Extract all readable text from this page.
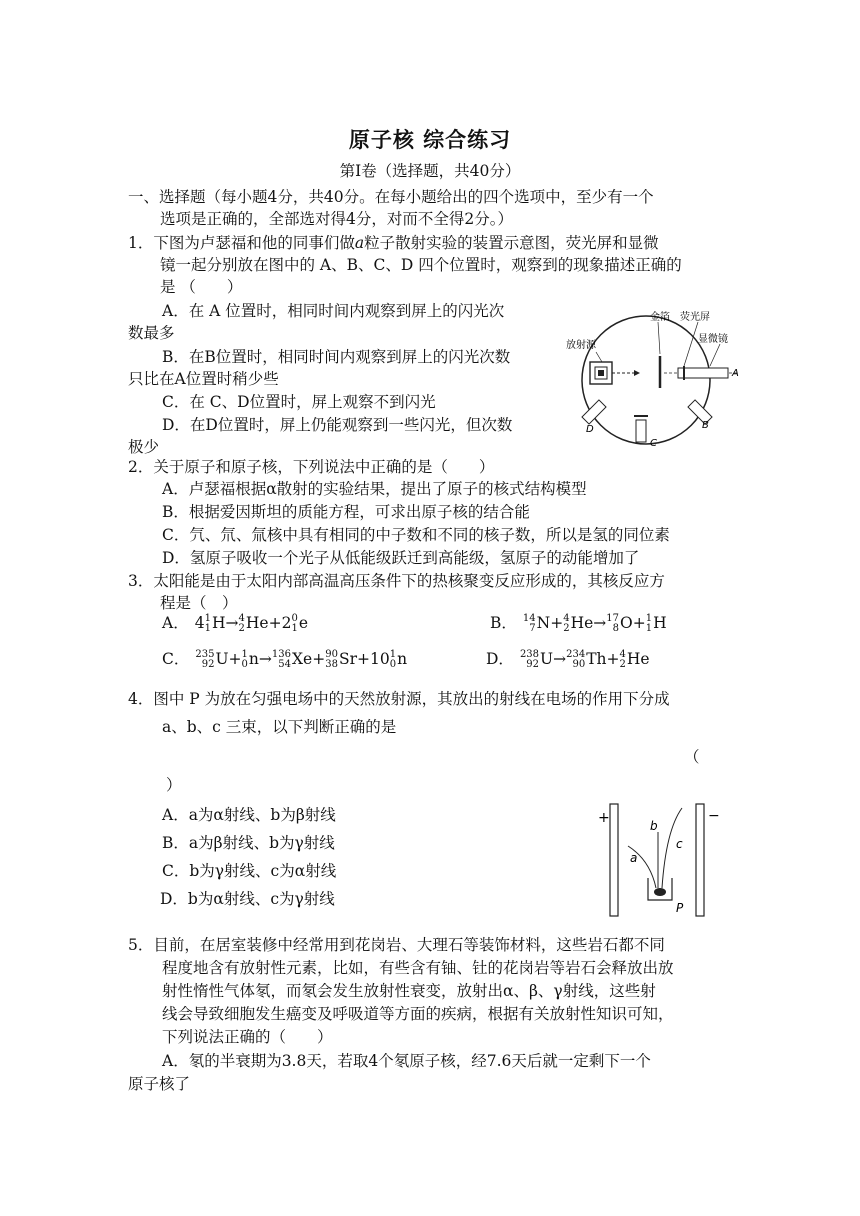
原子核 综合练习
第Ⅰ卷（选择题，共40分）
一、选择题（每小题4分，共40分。在每小题给出的四个选项中，至少有一个
选项是正确的，全部选对得4分，对而不全得2分。）
1．下图为卢瑟福和他的同事们做a粒子散射实验的装置示意图，荧光屏和显微
镜一起分别放在图中的 A、B、C、D 四个位置时，观察到的现象描述正确的
是 （　　）
A．在 A 位置时，相同时间内观察到屏上的闪光次
数最多
B．在B位置时，相同时间内观察到屏上的闪光次数
只比在A位置时稍少些
C．在 C、D位置时，屏上观察不到闪光
D．在D位置时，屏上仍能观察到一些闪光，但次数
极少
放射源
金箔 荧光屏
显微镜
A
B
C
D
2．关于原子和原子核，下列说法中正确的是（　　）
A．卢瑟福根据α散射的实验结果，提出了原子的核式结构模型
B．根据爱因斯坦的质能方程，可求出原子核的结合能
C．氕、氘、氚核中具有相同的中子数和不同的核子数，所以是氢的同位素
D．氢原子吸收一个光子从低能级跃迁到高能级，氢原子的动能增加了
3．太阳能是由于太阳内部高温高压条件下的热核聚变反应形成的，其核反应方
程是（　）
A． 4 1
1 H→ 4
2 He+2 0
1 e	B． 14
7 N+ 4
2 He→ 17
8 O+ 1
1 H
C． 235
92 U+ 1
0 n→ 136
54 Xe+ 90
38 Sr+10 1
0 n	D． 238
92 U→ 234
90 Th+ 4
2 He
4．图中 P 为放在匀强电场中的天然放射源，其放出的射线在电场的作用下分成
a、b、c 三束，以下判断正确的是
（
）
A．a为α射线、b为β射线
B．a为β射线、b为γ射线
C．b为γ射线、c为α射线
D．b为α射线、c为γ射线
+	−
a
b
c
P
5．目前，在居室装修中经常用到花岗岩、大理石等装饰材料，这些岩石都不同
程度地含有放射性元素，比如，有些含有铀、钍的花岗岩等岩石会释放出放
射性惰性气体氡，而氡会发生放射性衰变，放射出α、β、γ射线，这些射
线会导致细胞发生癌变及呼吸道等方面的疾病，根据有关放射性知识可知，
下列说法正确的（　　）
A．氡的半衰期为3.8天，若取4个氡原子核，经7.6天后就一定剩下一个
原子核了
